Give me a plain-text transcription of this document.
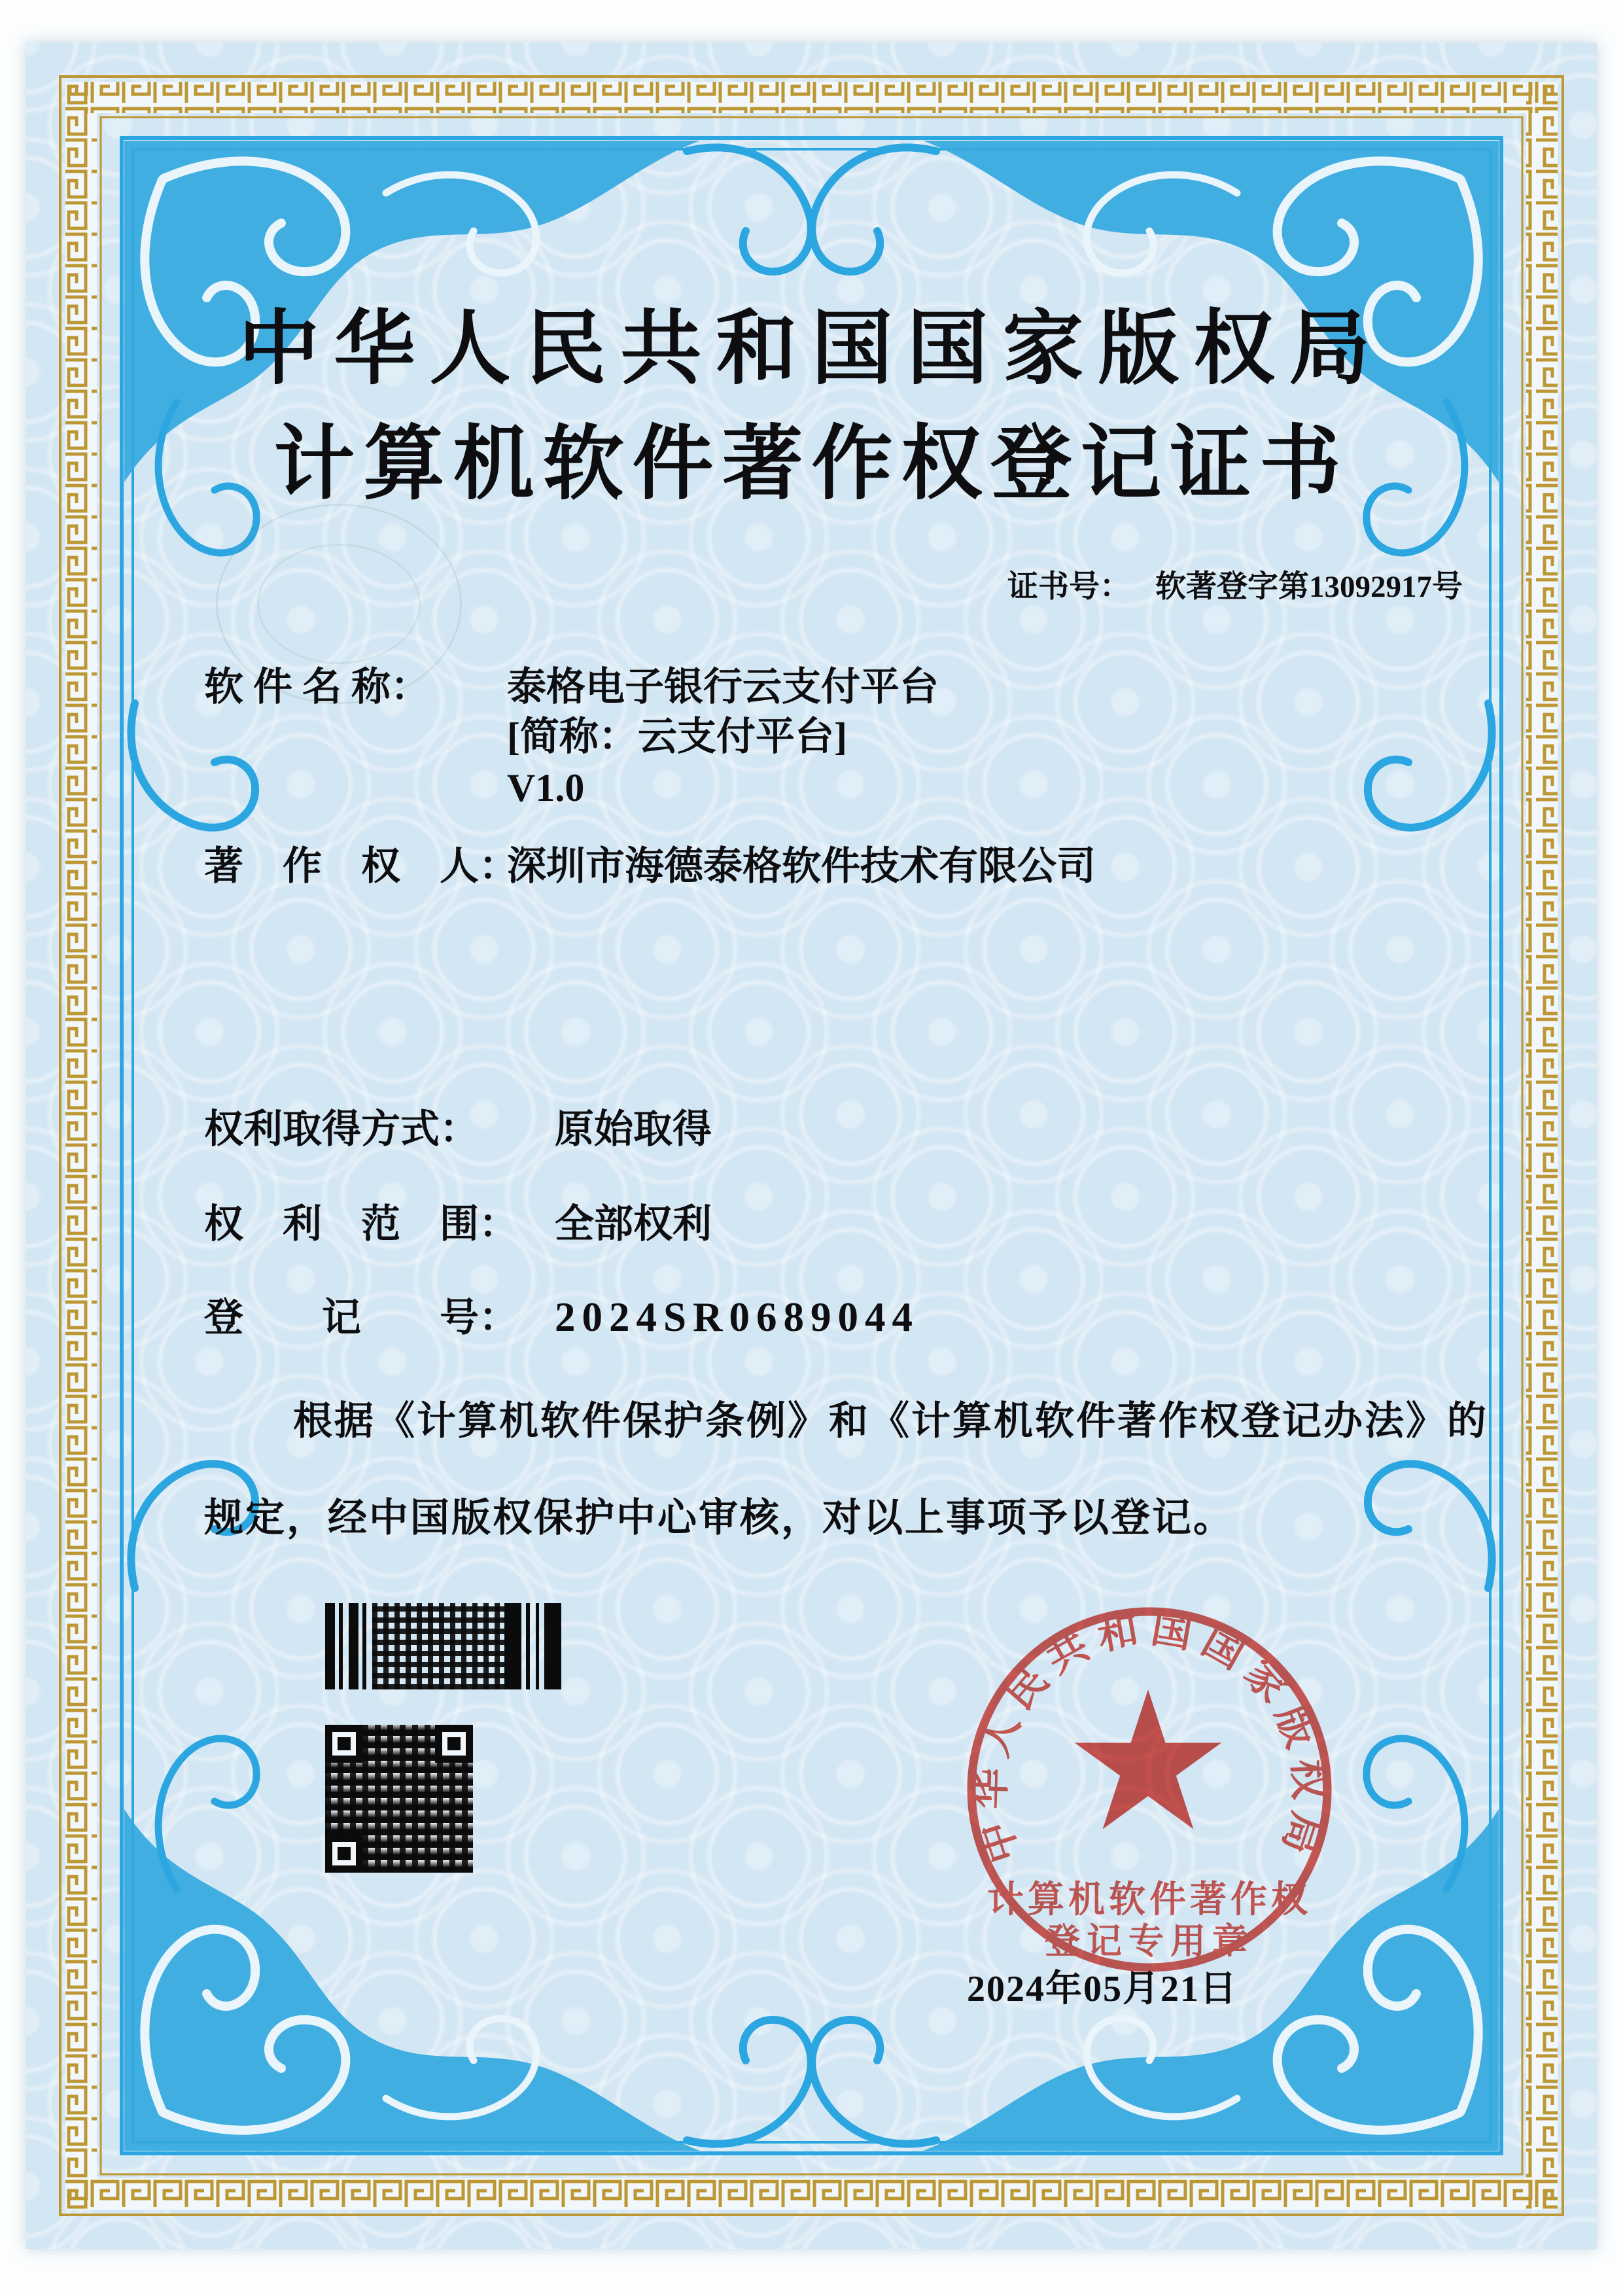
中华人民共和国国家版权局
计算机软件著作权登记证书
证书号： 软著登字第13092917号
软 件 名 称： 泰格电子银行云支付平台
[简称：云支付平台]
V1.0
著　作　权　人：
深圳市海德泰格软件技术有限公司
权利取得方式： 原始取得
权　利　范　围： 全部权利
登　　记　　号： 2024SR0689044
根据《计算机软件保护条例》和《计算机软件著作权登记办法》的
规定，经中国版权保护中心审核，对以上事项予以登记。
中华人民共和国国家版权局
计算机软件著作权
登记专用章
2024年05月21日
